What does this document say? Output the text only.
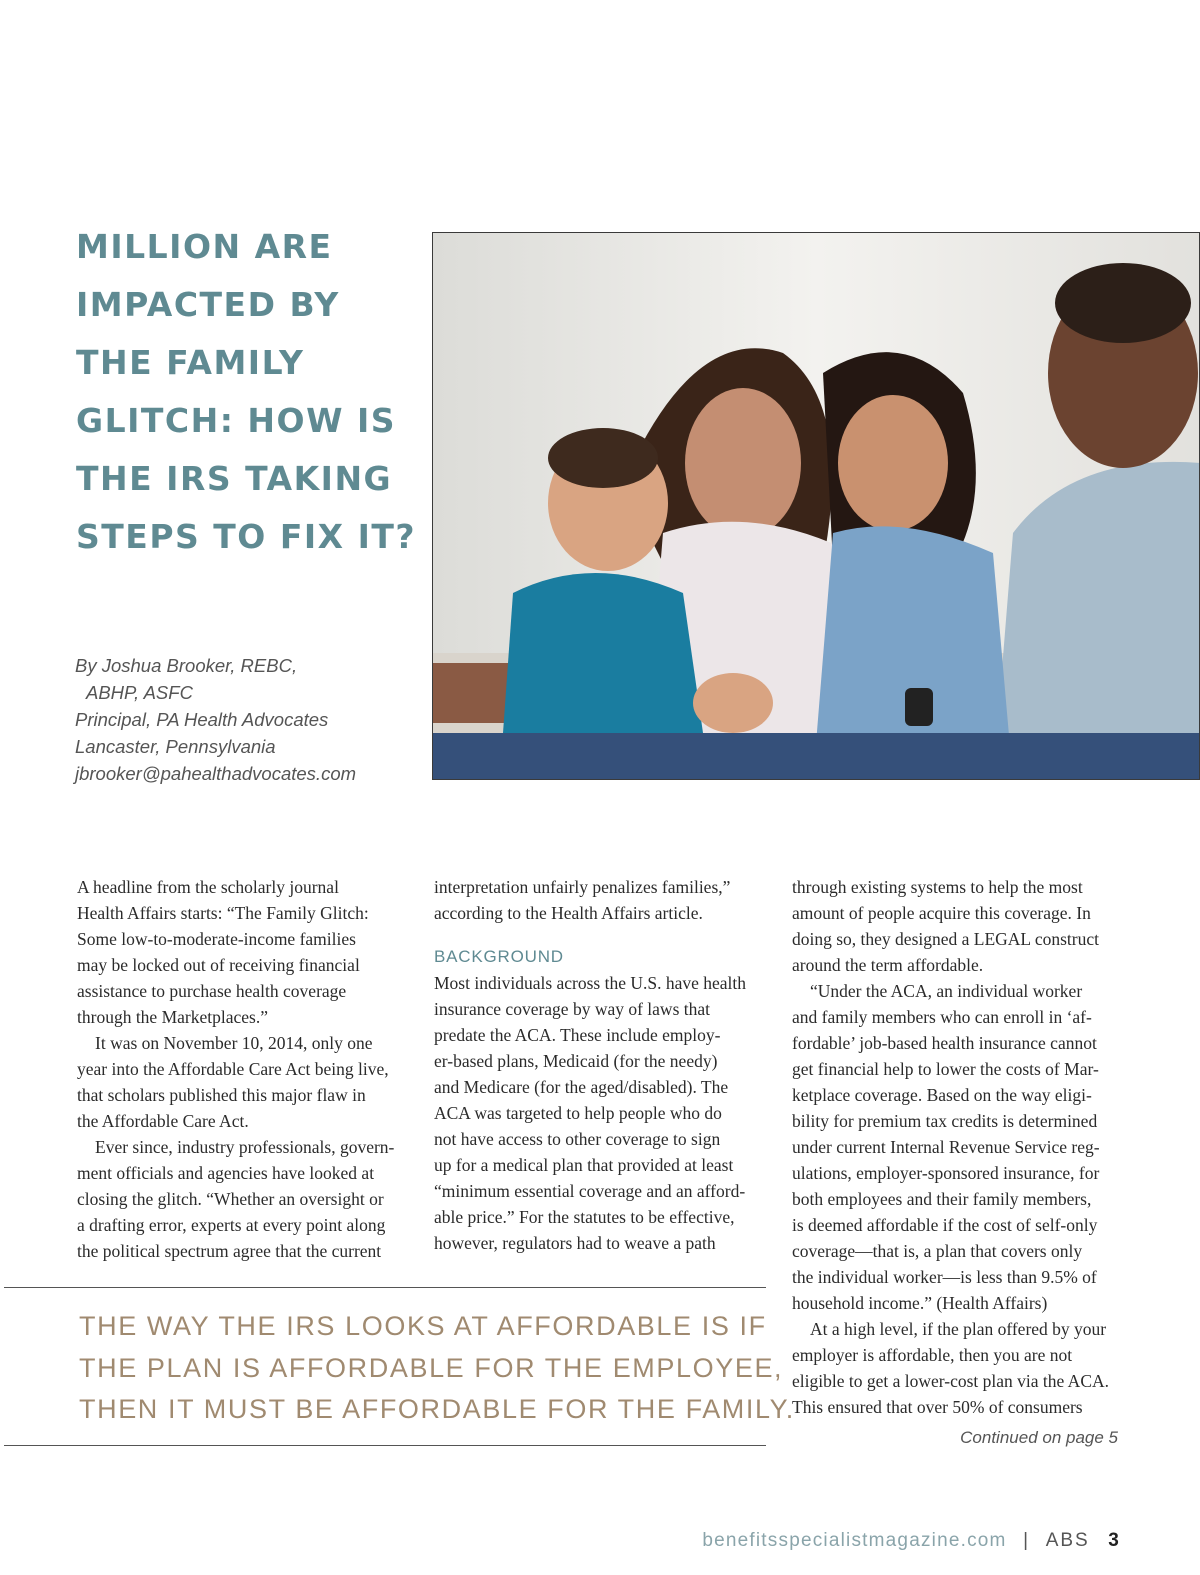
MILLION ARE
IMPACTED BY
THE FAMILY
GLITCH: HOW IS
THE IRS TAKING
STEPS TO FIX IT?
By Joshua Brooker, REBC,
ABHP, ASFC
Principal, PA Health Advocates
Lancaster, Pennsylvania
jbrooker@pahealthadvocates.com
A headline from the scholarly journal
Health Affairs starts: “The Family Glitch:
Some low-to-moderate-income families
may be locked out of receiving financial
assistance to purchase health coverage
through the Marketplaces.”
It was on November 10, 2014, only one
year into the Affordable Care Act being live,
that scholars published this major flaw in
the Affordable Care Act.
Ever since, industry professionals, govern-
ment officials and agencies have looked at
closing the glitch. “Whether an oversight or
a drafting error, experts at every point along
the political spectrum agree that the current
interpretation unfairly penalizes families,”
according to the Health Affairs article.
BACKGROUND
Most individuals across the U.S. have health
insurance coverage by way of laws that
predate the ACA. These include employ-
er-based plans, Medicaid (for the needy)
and Medicare (for the aged/disabled). The
ACA was targeted to help people who do
not have access to other coverage to sign
up for a medical plan that provided at least
“minimum essential coverage and an afford-
able price.” For the statutes to be effective,
however, regulators had to weave a path
through existing systems to help the most
amount of people acquire this coverage. In
doing so, they designed a LEGAL construct
around the term affordable.
“Under the ACA, an individual worker
and family members who can enroll in ‘af-
fordable’ job-based health insurance cannot
get financial help to lower the costs of Mar-
ketplace coverage. Based on the way eligi-
bility for premium tax credits is determined
under current Internal Revenue Service reg-
ulations, employer-sponsored insurance, for
both employees and their family members,
is deemed affordable if the cost of self-only
coverage—that is, a plan that covers only
the individual worker—is less than 9.5% of
household income.” (Health Affairs)
At a high level, if the plan offered by your
employer is affordable, then you are not
eligible to get a lower-cost plan via the ACA.
This ensured that over 50% of consumers
THE WAY THE IRS LOOKS AT AFFORDABLE IS IF
THE PLAN IS AFFORDABLE FOR THE EMPLOYEE,
THEN IT MUST BE AFFORDABLE FOR THE FAMILY.
Continued on page 5
benefitsspecialistmagazine.com | ABS 3
